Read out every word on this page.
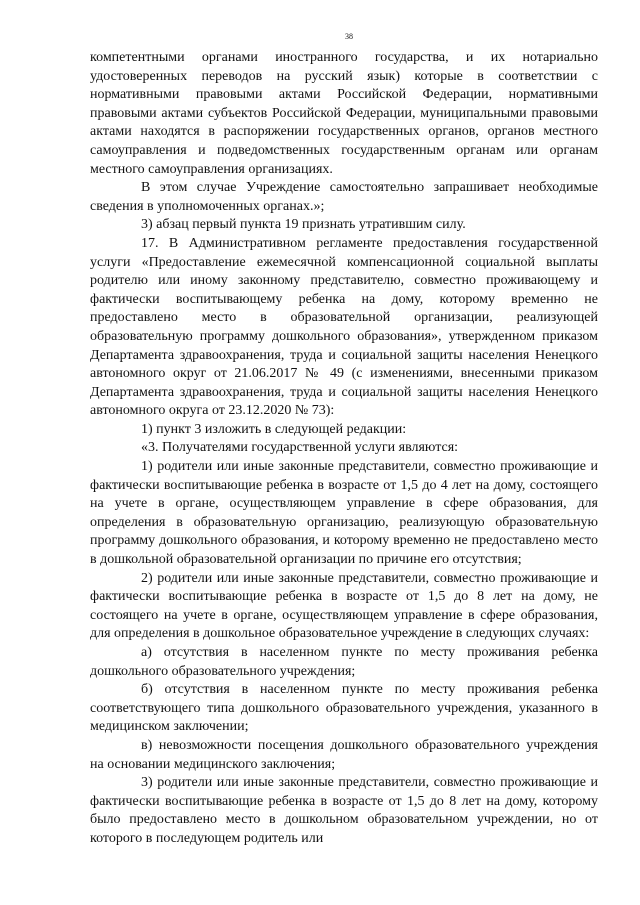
38

компетентными органами иностранного государства, и их нотариально удостоверенных переводов на русский язык) которые в соответствии с нормативными правовыми актами Российской Федерации, нормативными правовыми актами субъектов Российской Федерации, муниципальными правовыми актами находятся в распоряжении государственных органов, органов местного самоуправления и подведомственных государственным органам или органам местного самоуправления организациях.

В этом случае Учреждение самостоятельно запрашивает необходимые сведения в уполномоченных органах.»;

3) абзац первый пункта 19 признать утратившим силу.

17. В Административном регламенте предоставления государственной услуги «Предоставление ежемесячной компенсационной социальной выплаты родителю или иному законному представителю, совместно проживающему и фактически воспитывающему ребенка на дому, которому временно не предоставлено место в образовательной организации, реализующей образовательную программу дошкольного образования», утвержденном приказом Департамента здравоохранения, труда и социальной защиты населения Ненецкого автономного округ от 21.06.2017 № 49 (с изменениями, внесенными приказом Департамента здравоохранения, труда и социальной защиты населения Ненецкого автономного округа от 23.12.2020 № 73):

1) пункт 3 изложить в следующей редакции:

«3. Получателями государственной услуги являются:

1) родители или иные законные представители, совместно проживающие и фактически воспитывающие ребенка в возрасте от 1,5 до 4 лет на дому, состоящего на учете в органе, осуществляющем управление в сфере образования, для определения в образовательную организацию, реализующую образовательную программу дошкольного образования, и которому временно не предоставлено место в дошкольной образовательной организации по причине его отсутствия;

2) родители или иные законные представители, совместно проживающие и фактически воспитывающие ребенка в возрасте от 1,5 до 8 лет на дому, не состоящего на учете в органе, осуществляющем управление в сфере образования, для определения в дошкольное образовательное учреждение в следующих случаях:

а) отсутствия в населенном пункте по месту проживания ребенка дошкольного образовательного учреждения;

б) отсутствия в населенном пункте по месту проживания ребенка соответствующего типа дошкольного образовательного учреждения, указанного в медицинском заключении;

в) невозможности посещения дошкольного образовательного учреждения на основании медицинского заключения;

3) родители или иные законные представители, совместно проживающие и фактически воспитывающие ребенка в возрасте от 1,5 до 8 лет на дому, которому было предоставлено место в дошкольном образовательном учреждении, но от которого в последующем родитель или
